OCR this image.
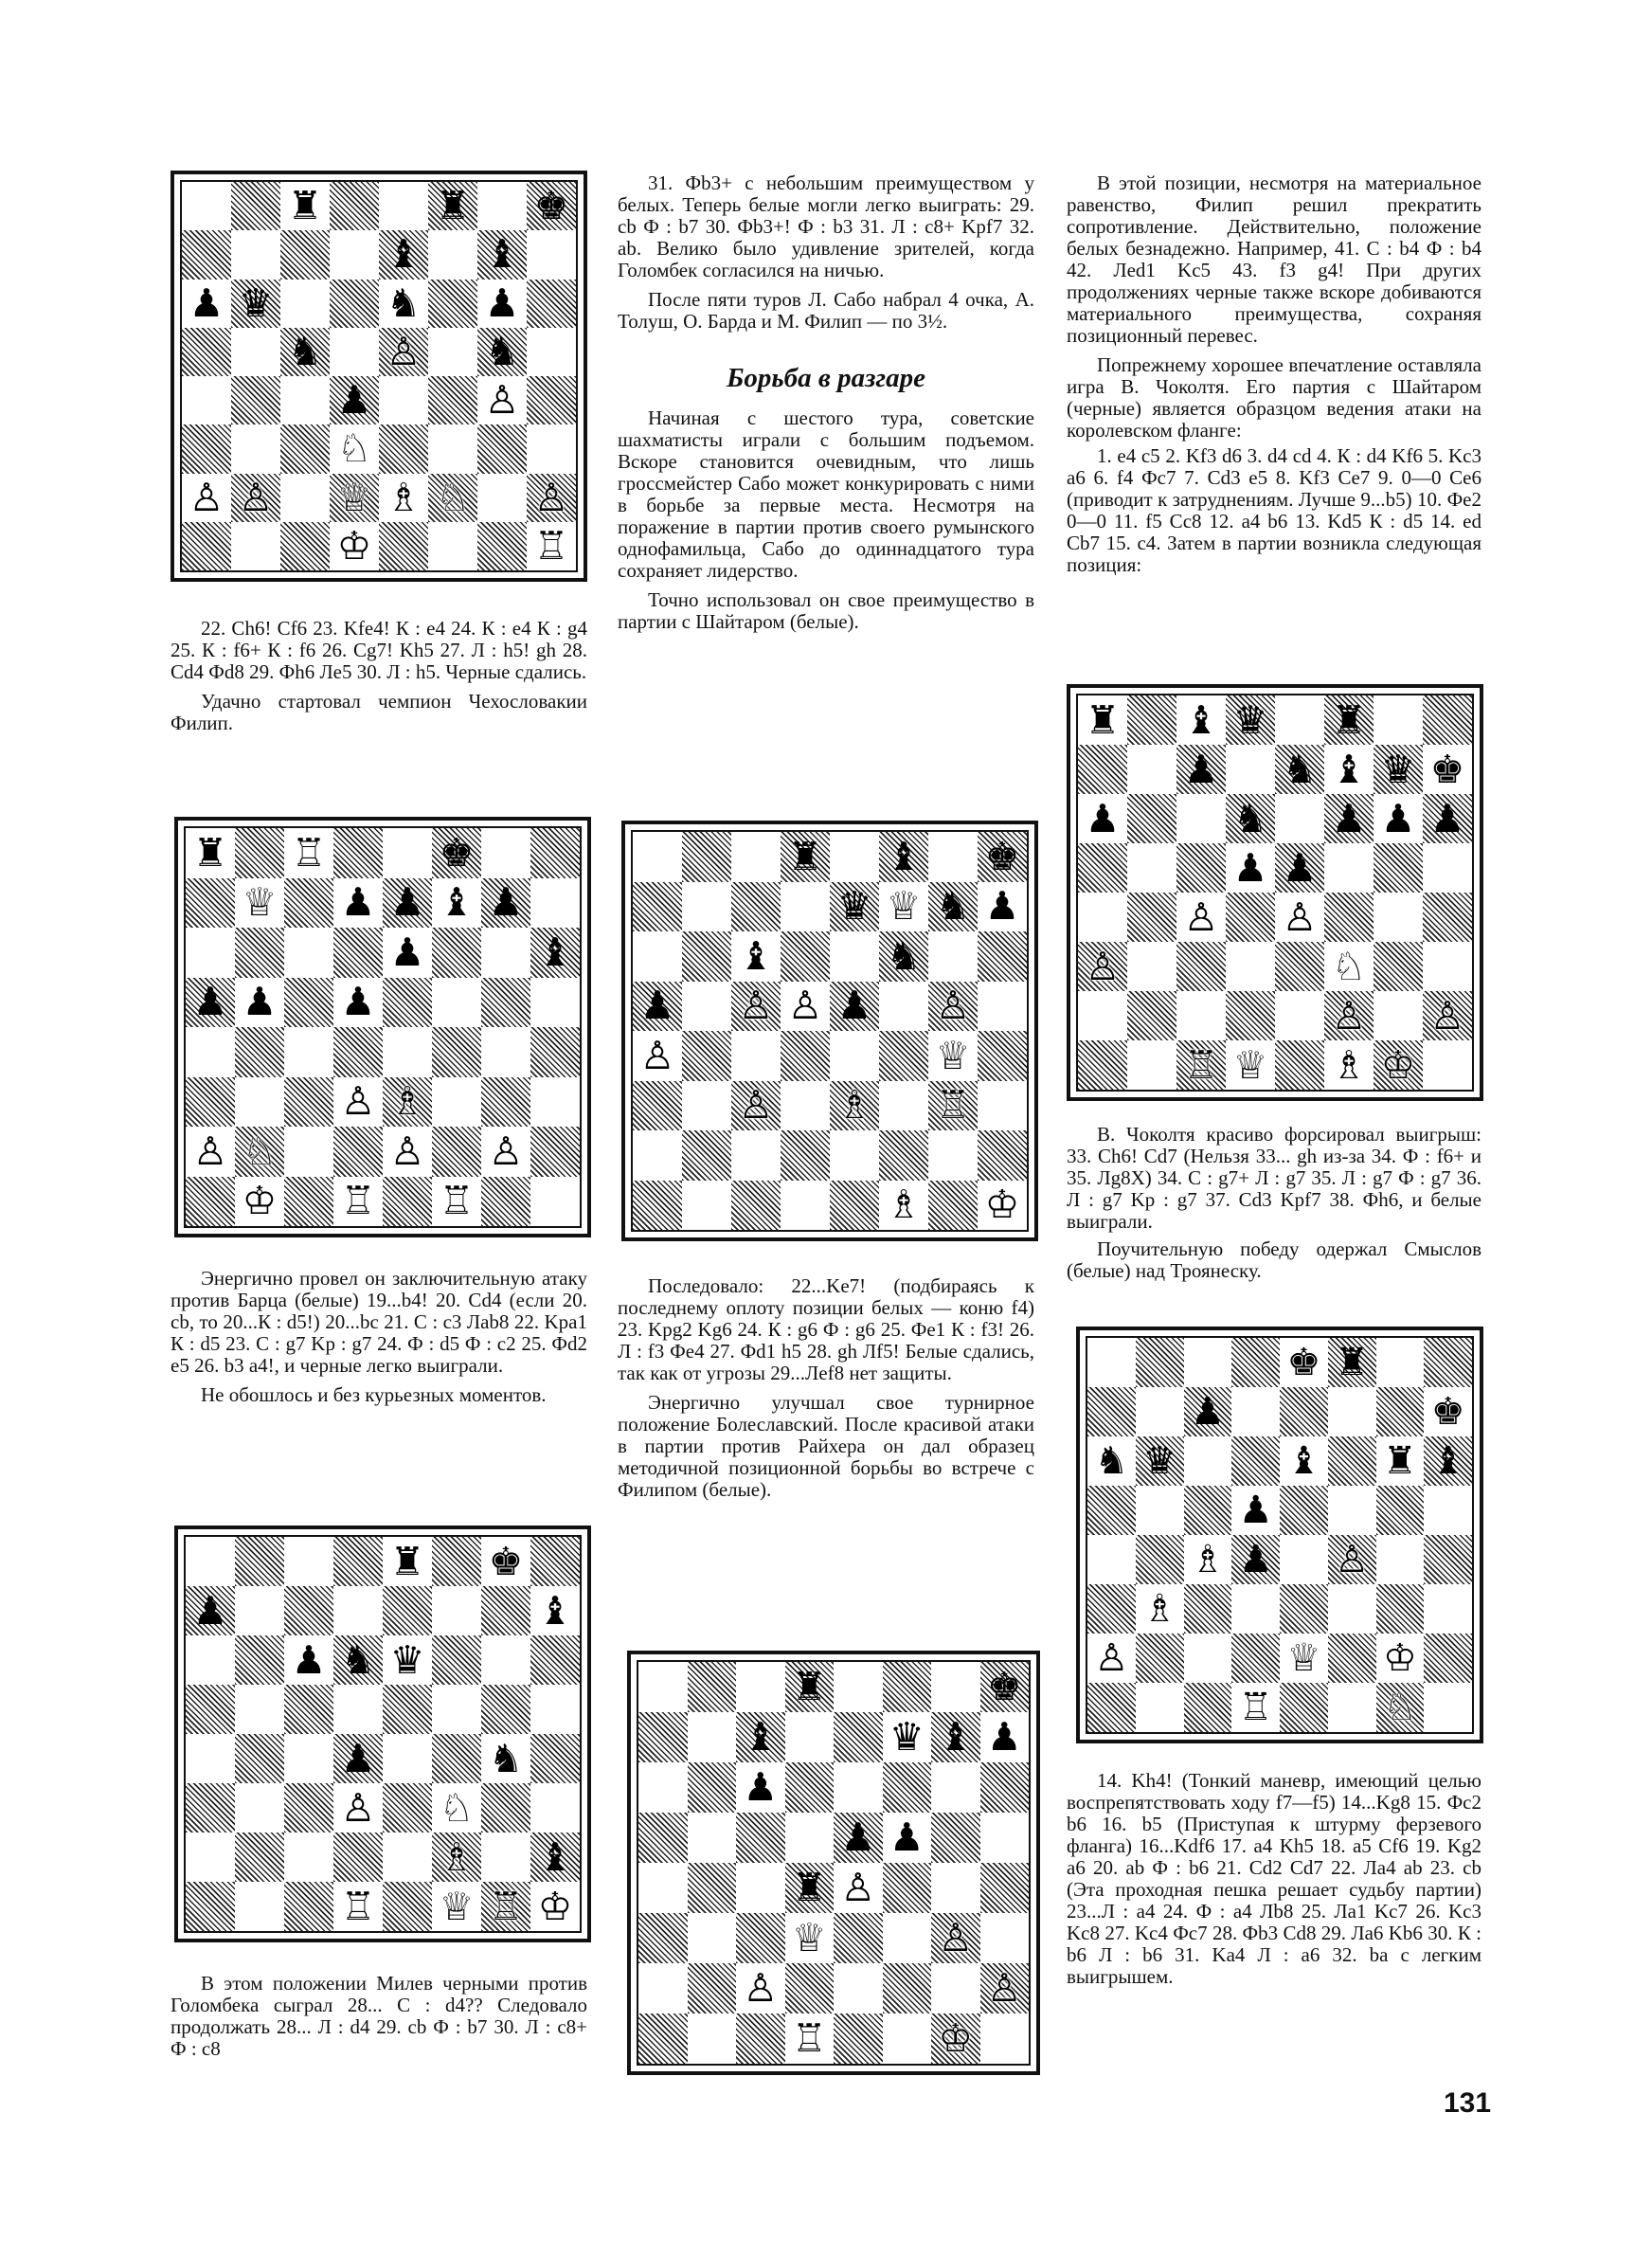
♜	♜ ♚
♝ ♝
♟ ♛	♞ ♟
♞ ♙ ♞
♟	♙
♘
♙ ♙ ♕ ♗ ♘ ♙
♔	♖

22. Ch6! Cf6 23. Kfe4! К : e4 24. К : e4 К : g4 25. К : f6+ К : f6 26. Cg7! Kh5 27. Л : h5! gh 28. Cd4 Фd8 29. Фh6 Лe5 30. Л : h5. Черные сдались.

Удачно стартовал чемпион Чехословакии Филип.

♜ ♖	♚
♕ ♟ ♟ ♝ ♟
♟	♝
♟ ♟ ♟
♙ ♗
♙ ♘	♙ ♙
♔ ♖ ♖

Энергично провел он заключительную атаку против Барца (белые) 19...b4! 20. Cd4 (если 20. cb, то 20...К : d5!) 20...bc 21. C : c3 Лab8 22. Kpa1 К : d5 23. C : g7 Kp : g7 24. Ф : d5 Ф : c2 25. Фd2 e5 26. b3 a4!, и черные легко выиграли.

Не обошлось и без курьезных моментов.

♜ ♚
♟	♝
♟ ♞ ♛
♟	♞
♙ ♘
♗ ♝
♖ ♕ ♖ ♔

В этом положении Милев черными против Голомбека сыграл 28... C : d4?? Следовало продолжать 28... Л : d4 29. cb Ф : b7 30. Л : c8+ Ф : c8

31. Фb3+ с небольшим преимуществом у белых. Теперь белые могли легко выиграть: 29. cb Ф : b7 30. Фb3+! Ф : b3 31. Л : c8+ Kpf7 32. ab. Велико было удивление зрителей, когда Голомбек согласился на ничью.

После пяти туров Л. Сабо набрал 4 очка, А. Толуш, О. Барда и М. Филип — по 3½.

Борьба в разгаре

Начиная с шестого тура, советские шахматисты играли с большим подъемом. Вскоре становится очевидным, что лишь гроссмейстер Сабо может конкурировать с ними в борьбе за первые места. Несмотря на поражение в партии против своего румынского однофамильца, Сабо до одиннадцатого тура сохраняет лидерство.

Точно использовал он свое преимущество в партии с Шайтаром (белые).

♜ ♝ ♚
♛ ♕ ♞ ♟
♝	♞
♟ ♙ ♙ ♟ ♙
♙	♕
♙ ♗ ♖
♗ ♔

Последовало: 22...Ke7! (подбираясь к последнему оплоту позиции белых — коню f4) 23. Kpg2 Kg6 24. К : g6 Ф : g6 25. Фe1 К : f3! 26. Л : f3 Фe4 27. Фd1 h5 28. gh Лf5! Белые сдались, так как от угрозы 29...Лef8 нет защиты.

Энергично улучшал свое турнирное положение Болеславский. После красивой атаки в партии против Райхера он дал образец методичной позиционной борьбы во встрече с Филипом (белые).

♜	♚
♝	♛ ♝ ♟
♟
♟ ♟
♜ ♙
♕	♙
♙	♙
♖	♔

В этой позиции, несмотря на материальное равенство, Филип решил прекратить сопротивление. Действительно, положение белых безнадежно. Например, 41. C : b4 Ф : b4 42. Лed1 Kc5 43. f3 g4! При других продолжениях черные также вскоре добиваются материального преимущества, сохраняя позиционный перевес.

Попрежнему хорошее впечатление оставляла игра В. Чоколтя. Его партия с Шайтаром (черные) является образцом ведения атаки на королевском фланге:

1. e4 c5 2. Kf3 d6 3. d4 cd 4. К : d4 Kf6 5. Kc3 a6 6. f4 Фc7 7. Cd3 e5 8. Kf3 Ce7 9. 0—0 Ce6 (приводит к затруднениям. Лучше 9...b5) 10. Фe2 0—0 11. f5 Cc8 12. a4 b6 13. Kd5 К : d5 14. ed Cb7 15. c4. Затем в партии возникла следующая позиция:

♜ ♝ ♛ ♜
♟ ♞ ♝ ♛ ♚
♟	♞ ♟ ♟ ♟
♟ ♟
♙ ♙
♙	♘
♙ ♙
♖ ♕ ♗ ♔

В. Чоколтя красиво форсировал выигрыш: 33. Ch6! Cd7 (Нельзя 33... gh из-за 34. Ф : f6+ и 35. Лg8X) 34. C : g7+ Л : g7 35. Л : g7 Ф : g7 36. Л : g7 Kp : g7 37. Cd3 Kpf7 38. Фh6, и белые выиграли.

Поучительную победу одержал Смыслов (белые) над Троянеску.

♚ ♜
♟	♚
♞ ♛	♝ ♜ ♝
♟
♗ ♟ ♙
♗
♙	♕ ♔
♖	♘

14. Kh4! (Тонкий маневр, имеющий целью воспрепятствовать ходу f7—f5) 14...Kg8 15. Фc2 b6 16. b5 (Приступая к штурму ферзевого фланга) 16...Kdf6 17. a4 Kh5 18. a5 Cf6 19. Kg2 a6 20. ab Ф : b6 21. Cd2 Cd7 22. Лa4 ab 23. cb (Эта проходная пешка решает судьбу партии) 23...Л : a4 24. Ф : a4 Лb8 25. Лa1 Kc7 26. Kc3 Kc8 27. Kc4 Фc7 28. Фb3 Cd8 29. Лa6 Kb6 30. К : b6 Л : b6 31. Ka4 Л : a6 32. ba с легким выигрышем.

131
